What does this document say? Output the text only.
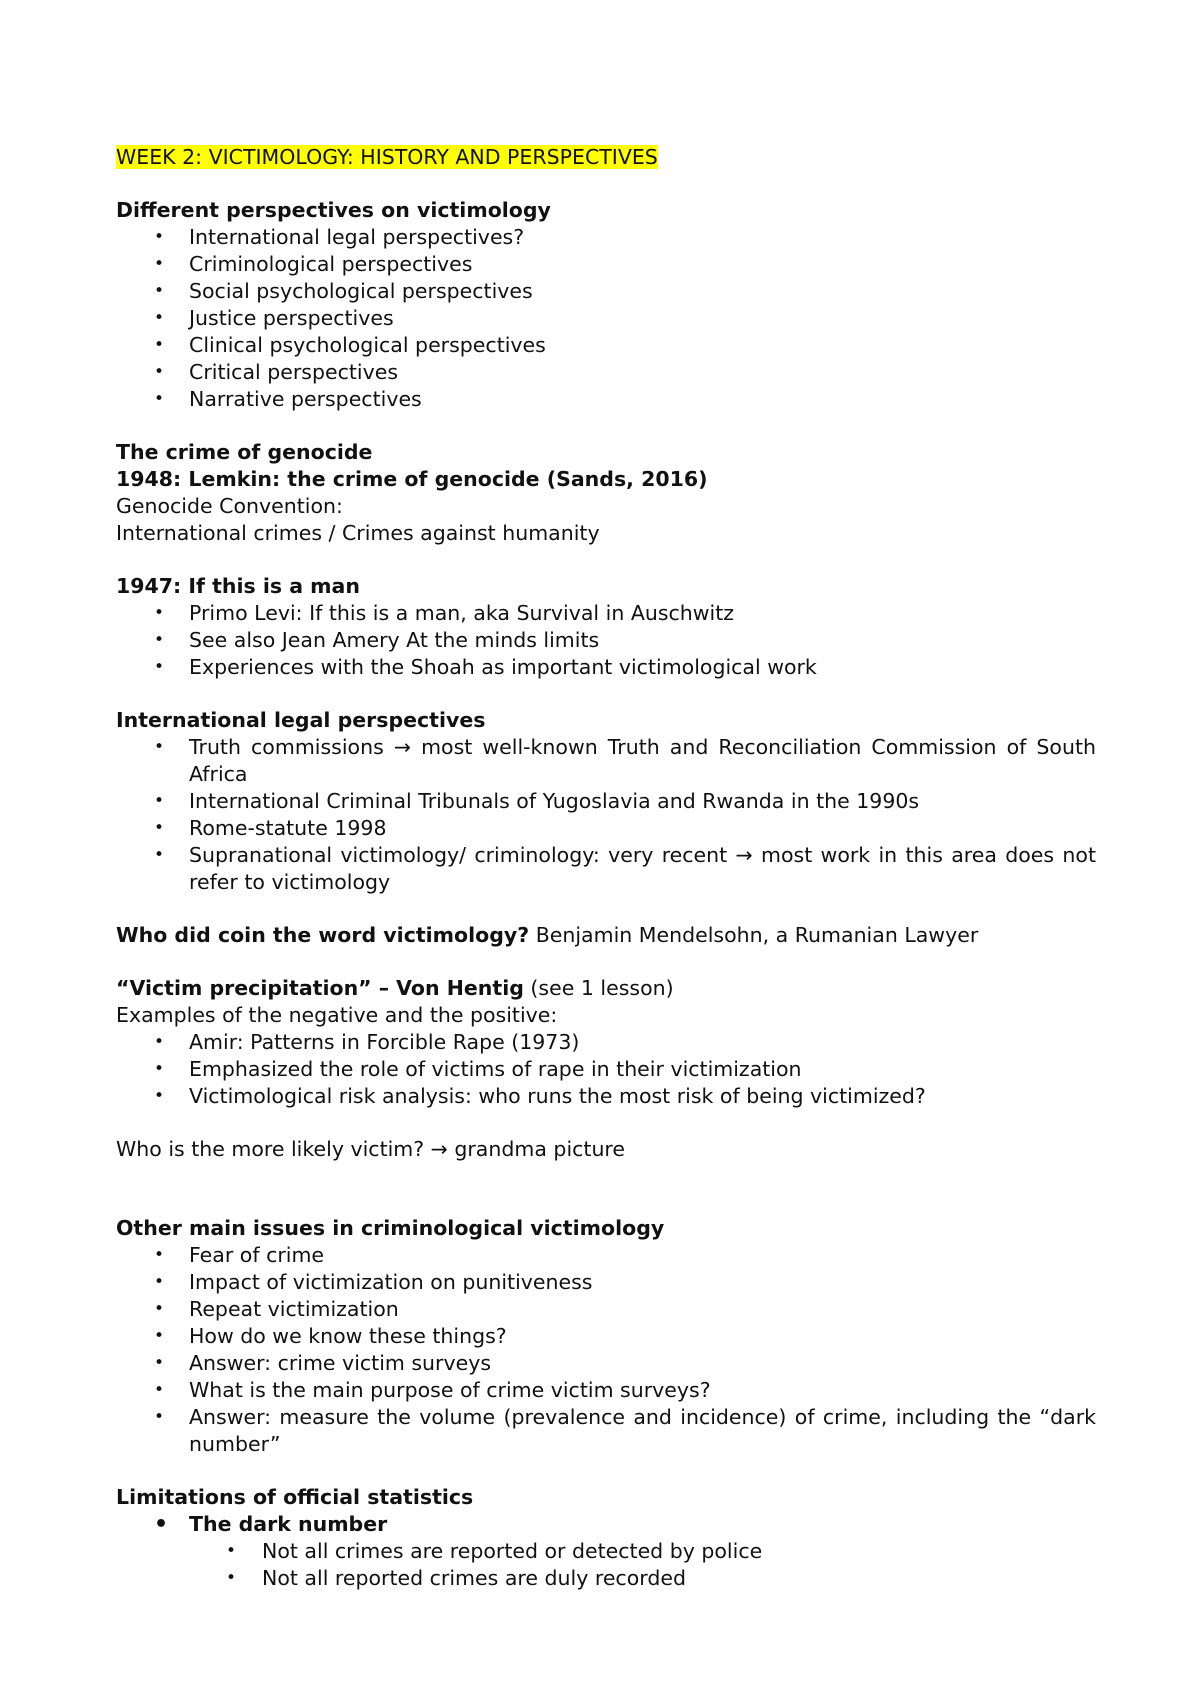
WEEK 2: VICTIMOLOGY: HISTORY AND PERSPECTIVES
Different perspectives on victimology
• International legal perspectives?
• Criminological perspectives
• Social psychological perspectives
• Justice perspectives
• Clinical psychological perspectives
• Critical perspectives
• Narrative perspectives
The crime of genocide
1948: Lemkin: the crime of genocide (Sands, 2016)
Genocide Convention:
International crimes / Crimes against humanity
1947: If this is a man
• Primo Levi: If this is a man, aka Survival in Auschwitz
• See also Jean Amery At the minds limits
• Experiences with the Shoah as important victimological work
International legal perspectives
• Truth commissions → most well-known Truth and Reconciliation Commission of South Africa
• International Criminal Tribunals of Yugoslavia and Rwanda in the 1990s
• Rome-statute 1998
• Supranational victimology/ criminology: very recent → most work in this area does not refer to victimology
Who did coin the word victimology? Benjamin Mendelsohn, a Rumanian Lawyer
“Victim precipitation” – Von Hentig (see 1 lesson)
Examples of the negative and the positive:
• Amir: Patterns in Forcible Rape (1973)
• Emphasized the role of victims of rape in their victimization
• Victimological risk analysis: who runs the most risk of being victimized?
Who is the more likely victim? → grandma picture
Other main issues in criminological victimology
• Fear of crime
• Impact of victimization on punitiveness
• Repeat victimization
• How do we know these things?
• Answer: crime victim surveys
• What is the main purpose of crime victim surveys?
• Answer: measure the volume (prevalence and incidence) of crime, including the “dark number”
Limitations of official statistics
• The dark number
• Not all crimes are reported or detected by police
• Not all reported crimes are duly recorded
